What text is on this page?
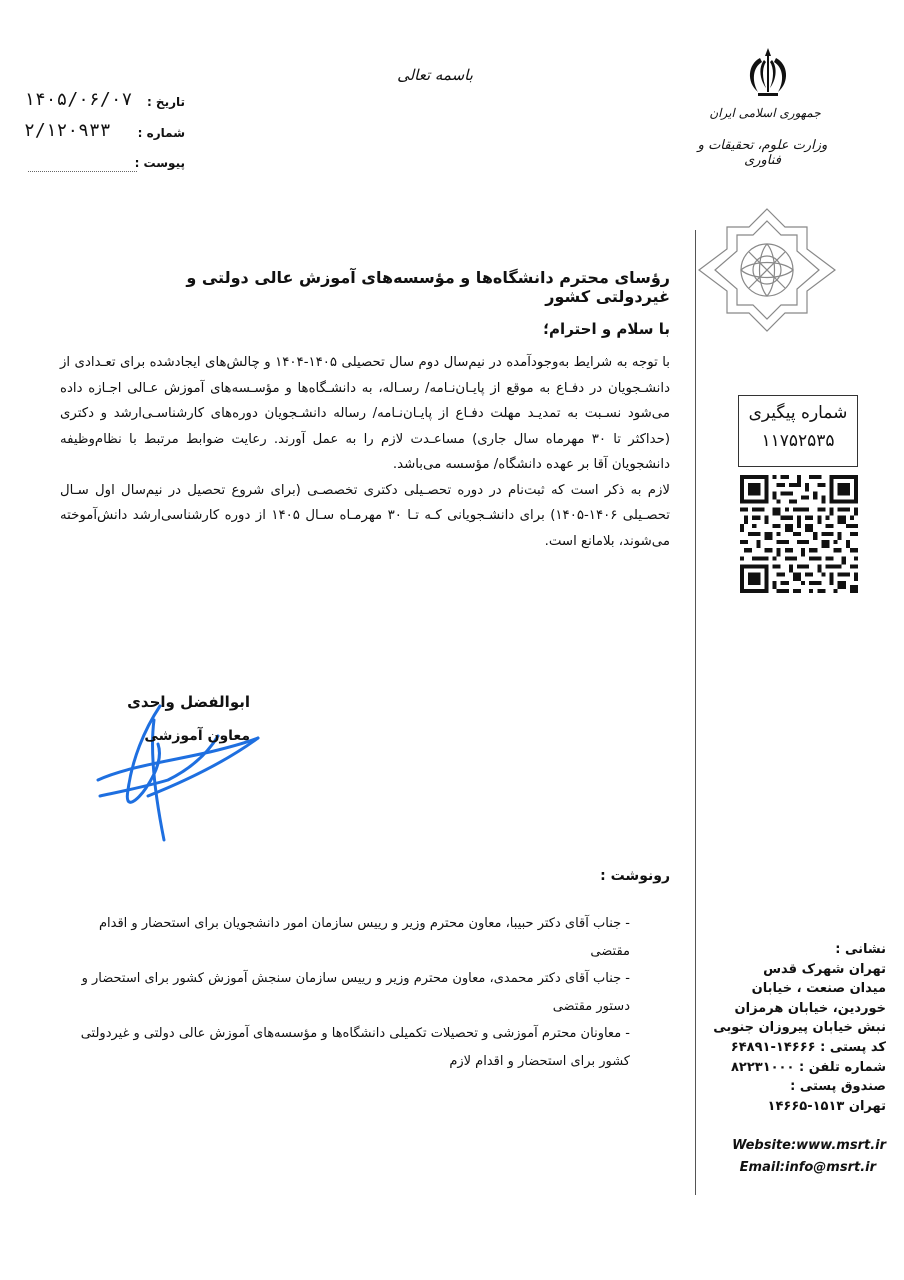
باسمه تعالی
۱۴۰۵/۰۶/۰۷ تاریخ :
۲/۱۲۰۹۳۳ شماره :
پیوست :
جمهوری اسلامی ایران
وزارت علوم، تحقیقات و فناوری
رؤسای محترم دانشگاه‌ها و مؤسسه‌های آموزش عالی دولتی و غیردولتی کشور
با سلام و احترام؛

با توجه به شرایط به‌وجودآمده در نیم‌سال دوم سال تحصیلی ۱۴۰۵-۱۴۰۴ و چالش‌های ایجادشده برای تعـدادی از دانشـجویان در دفـاع به موقع از پایـان‌نـامه/ رسـاله، به دانشـگاه‌ها و مؤسـسه‌های آموزش عـالی اجـازه داده می‌شود نسـبت به تمدیـد مهلت دفـاع از پایـان‌نـامه/ رساله دانشـجویان دوره‌های کارشناسـی‌ارشد و دکتری (حداکثر تا ۳۰ مهرماه سال جاری) مساعـدت لازم را به عمل آورند. رعایت ضوابط مرتبط با نظام‌وظیفه دانشجویان آقا بر عهده دانشگاه/ مؤسسه می‌باشد.

لازم به ذکر است که ثبت‌نام در دوره تحصـیلی دکتری تخصصـی (برای شروع تحصیل در نیم‌سال اول سـال تحصـیلی ۱۴۰۶-۱۴۰۵) برای دانشـجویانی کـه تـا ۳۰ مهرمـاه سـال ۱۴۰۵ از دوره کارشناسی‌ارشد دانش‌آموخته می‌شوند، بلامانع است.

شماره پیگیری
۱۱۷۵۲۵۳۵
ابوالفضل واحدی
معاون آموزشی
رونوشت :
- جناب آقای دکتر حبیبا، معاون محترم وزیر و رییس سازمان امور دانشجویان برای استحضار و اقدام مقتضی
- جناب آقای دکتر محمدی، معاون محترم وزیر و رییس سازمان سنجش آموزش کشور برای استحضار و دستور مقتضی
- معاونان محترم آموزشی و تحصیلات تکمیلی دانشگاه‌ها و مؤسسه‌های آموزش عالی دولتی و غیردولتی کشور برای استحضار و اقدام لازم
نشانی :
تهران شهرک قدس
میدان صنعت ، خیابان
خوردین، خیابان هرمزان
نبش خیابان پیروزان جنوبی
کد پستی : ۱۴۶۶۶-۶۴۸۹۱
شماره تلفن : ۸۲۲۳۱۰۰۰
صندوق پستی :
تهران ۱۵۱۳-۱۴۶۶۵
Website:www.msrt.ir
Email:info@msrt.ir
